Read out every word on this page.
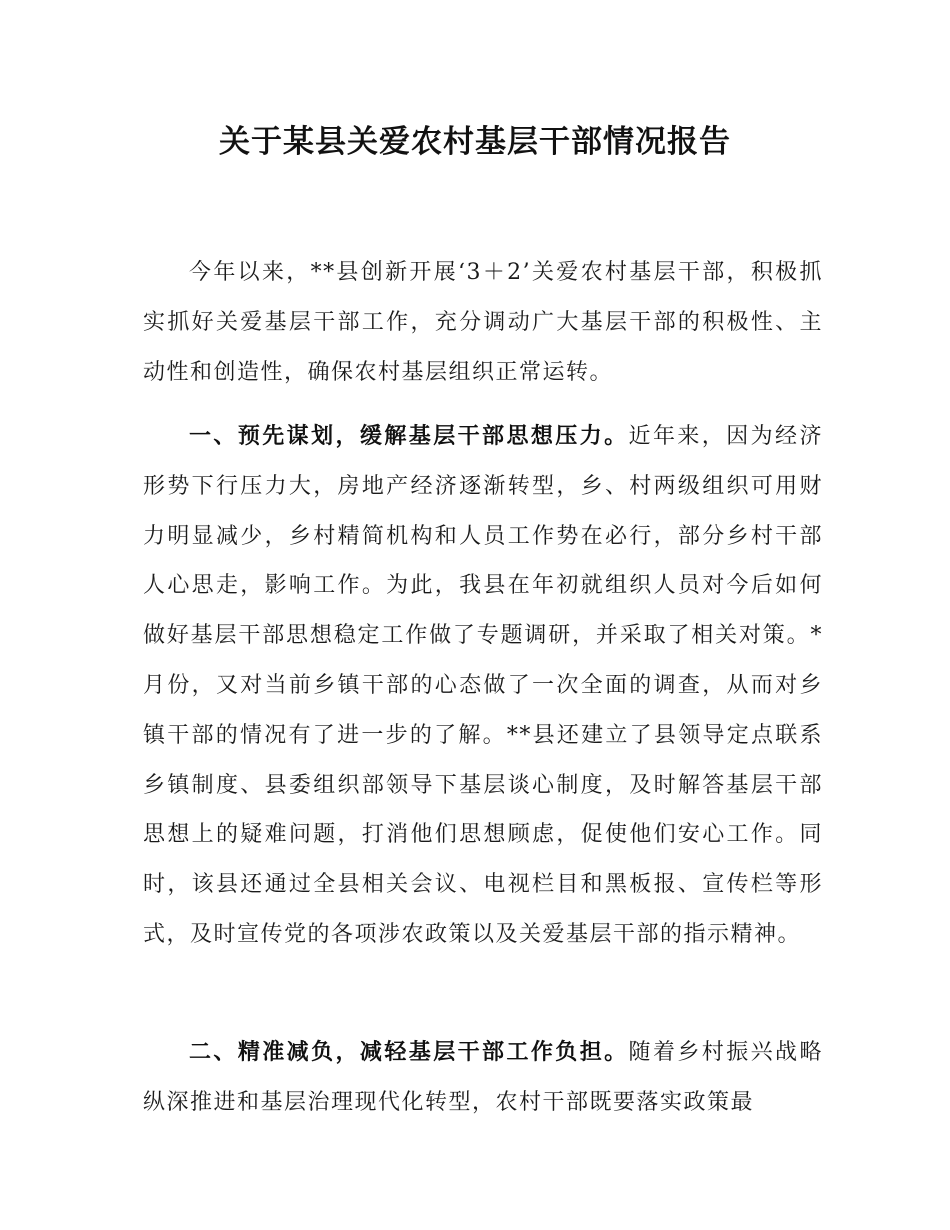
关于某县关爱农村基层干部情况报告

今年以来，**县创新开展‘3＋2’关爱农村基层干部，积极抓实抓好关爱基层干部工作，充分调动广大基层干部的积极性、主动性和创造性，确保农村基层组织正常运转。

一、预先谋划，缓解基层干部思想压力。近年来，因为经济形势下行压力大，房地产经济逐渐转型，乡、村两级组织可用财力明显减少，乡村精简机构和人员工作势在必行，部分乡村干部人心思走，影响工作。为此，我县在年初就组织人员对今后如何做好基层干部思想稳定工作做了专题调研，并采取了相关对策。*月份，又对当前乡镇干部的心态做了一次全面的调查，从而对乡镇干部的情况有了进一步的了解。**县还建立了县领导定点联系乡镇制度、县委组织部领导下基层谈心制度，及时解答基层干部思想上的疑难问题，打消他们思想顾虑，促使他们安心工作。同时，该县还通过全县相关会议、电视栏目和黑板报、宣传栏等形式，及时宣传党的各项涉农政策以及关爱基层干部的指示精神。

二、精准减负，减轻基层干部工作负担。随着乡村振兴战略纵深推进和基层治理现代化转型，农村干部既要落实政策最
